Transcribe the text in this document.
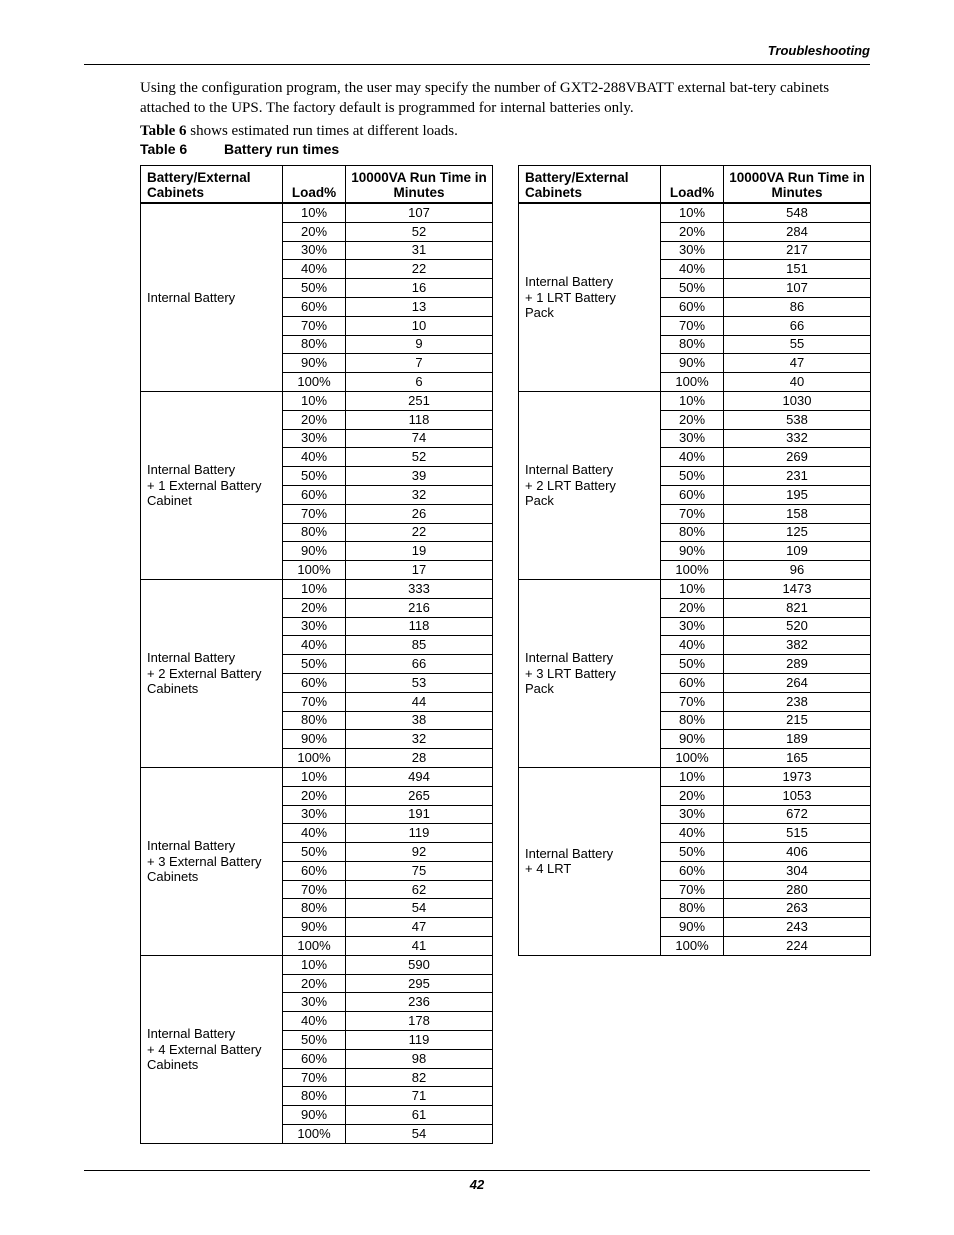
Troubleshooting

Using the configuration program, the user may specify the number of GXT2-288VBATT external bat-tery cabinets attached to the UPS. The factory default is programmed for internal batteries only.

Table 6 shows estimated run times at different loads.

Table 6	Battery run times
Battery/External Cabinets	Load%	10000VA Run Time in Minutes
Internal Battery	10%	107
	20%	52
	30%	31
	40%	22
	50%	16
	60%	13
	70%	10
	80%	9
	90%	7
	100%	6
Internal Battery
+ 1 External Battery
Cabinet	10%	251
	20%	118
	30%	74
	40%	52
	50%	39
	60%	32
	70%	26
	80%	22
	90%	19
	100%	17
Internal Battery
+ 2 External Battery
Cabinets	10%	333
	20%	216
	30%	118
	40%	85
	50%	66
	60%	53
	70%	44
	80%	38
	90%	32
	100%	28
Internal Battery
+ 3 External Battery
Cabinets	10%	494
	20%	265
	30%	191
	40%	119
	50%	92
	60%	75
	70%	62
	80%	54
	90%	47
	100%	41
Internal Battery
+ 4 External Battery
Cabinets	10%	590
	20%	295
	30%	236
	40%	178
	50%	119
	60%	98
	70%	82
	80%	71
	90%	61
	100%	54
Battery/External Cabinets	Load%	10000VA Run Time in Minutes
Internal Battery
+ 1 LRT Battery
Pack	10%	548
	20%	284
	30%	217
	40%	151
	50%	107
	60%	86
	70%	66
	80%	55
	90%	47
	100%	40
Internal Battery
+ 2 LRT Battery
Pack	10%	1030
	20%	538
	30%	332
	40%	269
	50%	231
	60%	195
	70%	158
	80%	125
	90%	109
	100%	96
Internal Battery
+ 3 LRT Battery
Pack	10%	1473
	20%	821
	30%	520
	40%	382
	50%	289
	60%	264
	70%	238
	80%	215
	90%	189
	100%	165
Internal Battery
+ 4 LRT	10%	1973
	20%	1053
	30%	672
	40%	515
	50%	406
	60%	304
	70%	280
	80%	263
	90%	243
	100%	224
42
